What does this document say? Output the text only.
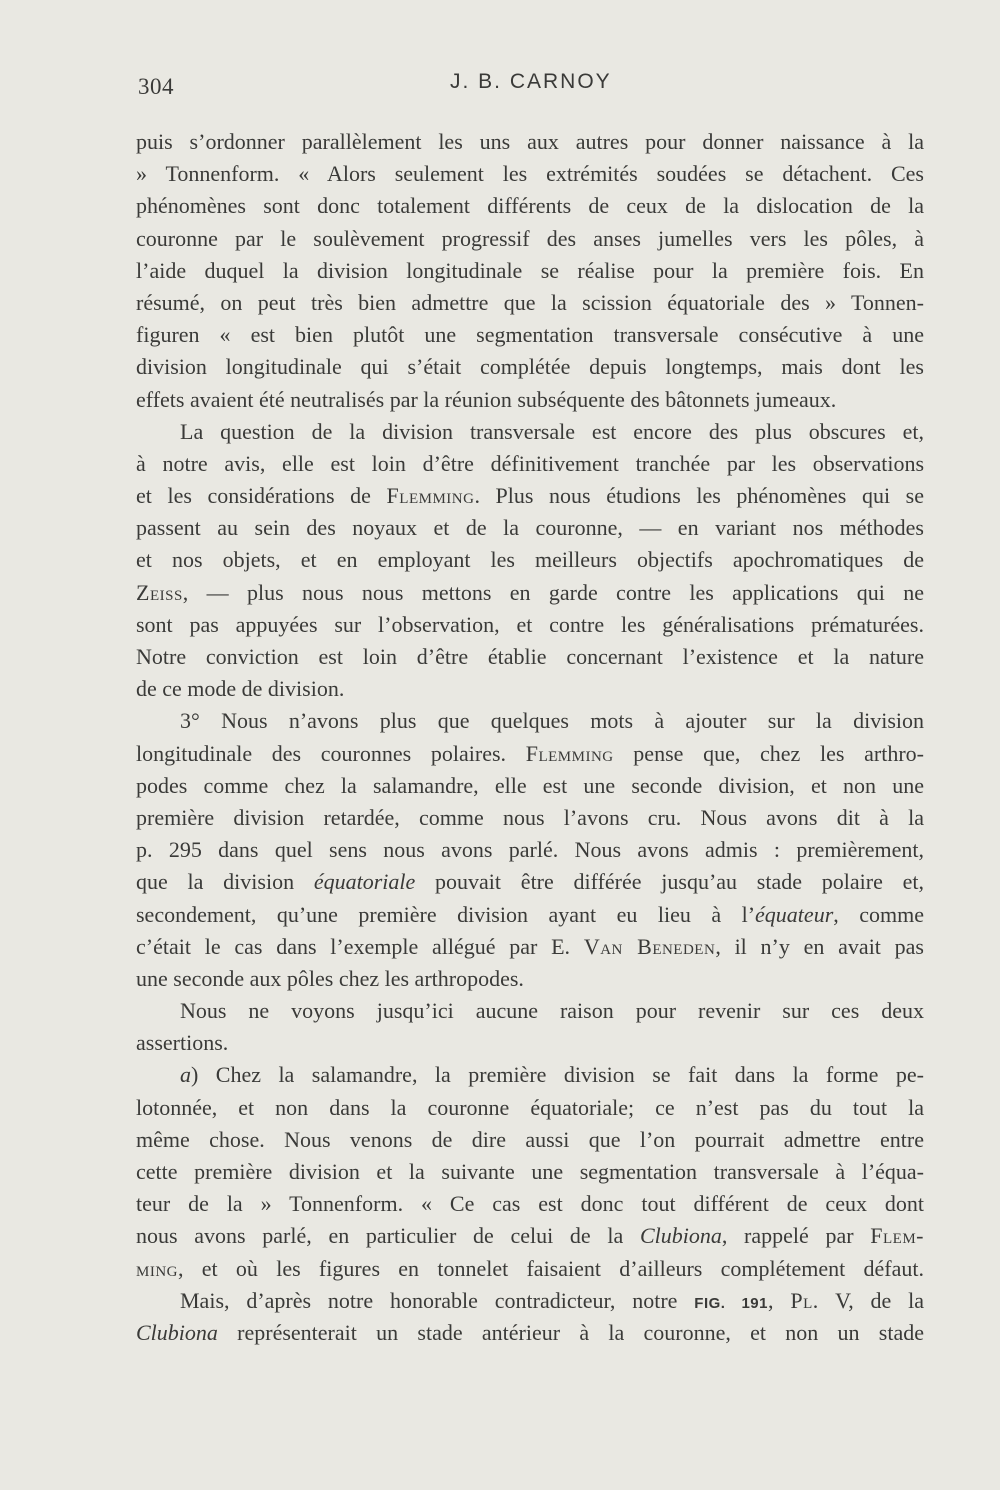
304	J. B. CARNOY
puis s’ordonner parallèlement les uns aux autres pour donner naissance à la
» Tonnenform. « Alors seulement les extrémités soudées se détachent. Ces
phénomènes sont donc totalement différents de ceux de la dislocation de la
couronne par le soulèvement progressif des anses jumelles vers les pôles, à
l’aide duquel la division longitudinale se réalise pour la première fois. En
résumé, on peut très bien admettre que la scission équatoriale des » Tonnen-
figuren « est bien plutôt une segmentation transversale consécutive à une
division longitudinale qui s’était complétée depuis longtemps, mais dont les
effets avaient été neutralisés par la réunion subséquente des bâtonnets jumeaux.
La question de la division transversale est encore des plus obscures et,
à notre avis, elle est loin d’être définitivement tranchée par les observations
et les considérations de Flemming. Plus nous étudions les phénomènes qui se
passent au sein des noyaux et de la couronne, — en variant nos méthodes
et nos objets, et en employant les meilleurs objectifs apochromatiques de
Zeiss, — plus nous nous mettons en garde contre les applications qui ne
sont pas appuyées sur l’observation, et contre les généralisations prématurées.
Notre conviction est loin d’être établie concernant l’existence et la nature
de ce mode de division.
3° Nous n’avons plus que quelques mots à ajouter sur la division
longitudinale des couronnes polaires. Flemming pense que, chez les arthro-
podes comme chez la salamandre, elle est une seconde division, et non une
première division retardée, comme nous l’avons cru. Nous avons dit à la
p. 295 dans quel sens nous avons parlé. Nous avons admis : premièrement,
que la division équatoriale pouvait être différée jusqu’au stade polaire et,
secondement, qu’une première division ayant eu lieu à l’équateur, comme
c’était le cas dans l’exemple allégué par E. Van Beneden, il n’y en avait pas
une seconde aux pôles chez les arthropodes.
Nous ne voyons jusqu’ici aucune raison pour revenir sur ces deux
assertions.
a) Chez la salamandre, la première division se fait dans la forme pe-
lotonnée, et non dans la couronne équatoriale; ce n’est pas du tout la
même chose. Nous venons de dire aussi que l’on pourrait admettre entre
cette première division et la suivante une segmentation transversale à l’équa-
teur de la » Tonnenform. « Ce cas est donc tout différent de ceux dont
nous avons parlé, en particulier de celui de la Clubiona, rappelé par Flem-
ming, et où les figures en tonnelet faisaient d’ailleurs complétement défaut.
Mais, d’après notre honorable contradicteur, notre FIG. 191, Pl. V, de la
Clubiona représenterait un stade antérieur à la couronne, et non un stade
